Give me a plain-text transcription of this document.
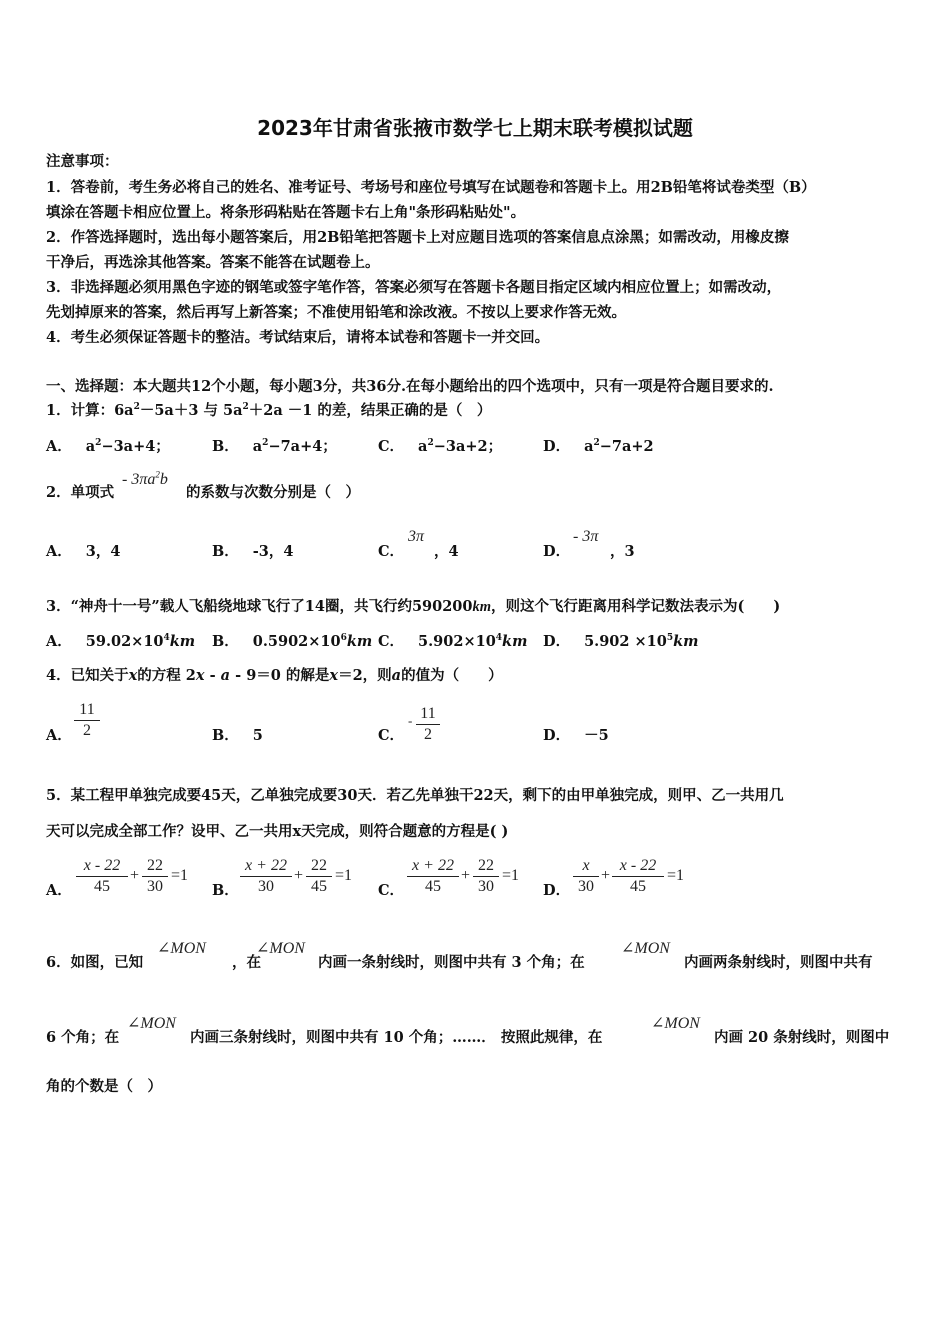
2023年甘肃省张掖市数学七上期末联考模拟试题
注意事项：
1．答卷前，考生务必将自己的姓名、准考证号、考场号和座位号填写在试题卷和答题卡上。用2B铅笔将试卷类型（B）
填涂在答题卡相应位置上。将条形码粘贴在答题卡右上角"条形码粘贴处"。
2．作答选择题时，选出每小题答案后，用2B铅笔把答题卡上对应题目选项的答案信息点涂黑；如需改动，用橡皮擦
干净后，再选涂其他答案。答案不能答在试题卷上。
3．非选择题必须用黑色字迹的钢笔或签字笔作答，答案必须写在答题卡各题目指定区域内相应位置上；如需改动，
先划掉原来的答案，然后再写上新答案；不准使用铅笔和涂改液。不按以上要求作答无效。
4．考生必须保证答题卡的整洁。考试结束后，请将本试卷和答题卡一并交回。
一、选择题：本大题共12个小题，每小题3分，共36分.在每小题给出的四个选项中，只有一项是符合题目要求的.
1．计算：$6a^2-5a+3$ 与 $5a^2+2a -1$ 的差，结果正确的是（　）
A． $a^2-3a+4$；	B． $a^2-7a+4$；	C． $a^2-3a+2$；	D． $a^2-7a+2$
2．单项式
- $3\pi a^2b$
的系数与次数分别是（　）
A． 3，4	B． -3，4	C．
3π
，4	D．
- 3π
，3
3．“神舟十一号”载人飞船绕地球飞行了14圈，共飞行约590200km，则这个飞行距离用科学记数法表示为(　　)
A． $59.02\times 10^4km$ B． $0.5902\times 10^6km$ C． $5.902\times 10^4km$ D． $5.902 \times 10^5km$
4．已知关于x的方程 2x - a - 9＝0 的解是x＝2，则a的值为（　　）
A． $\frac{11}{2}$	B． 5	C．
- $\frac{11}{2}$	D． －5
5．某工程甲单独完成要45天，乙单独完成要30天．若乙先单独干22天，剩下的由甲单独完成，则甲、乙一共用几
天可以完成全部工作？设甲、乙一共用x天完成，则符合题意的方程是( )
A． $\frac{x - 22}{45} + \frac{22}{30} =1$
B． $\frac{x + 22}{30} + \frac{22}{45} =1$
C． $\frac{x + 22}{45} + \frac{22}{30} =1$
D． $\frac{x}{30} + \frac{x - 22}{45} =1$
6．如图，已知
∠MON
，在
∠MON
内画一条射线时，则图中共有 3 个角；在
∠MON
内画两条射线时，则图中共有
6 个角；在
∠MON
内画三条射线时，则图中共有 10 个角；……． 按照此规律，在
∠MON
内画 20 条射线时，则图中
角的个数是（　）
